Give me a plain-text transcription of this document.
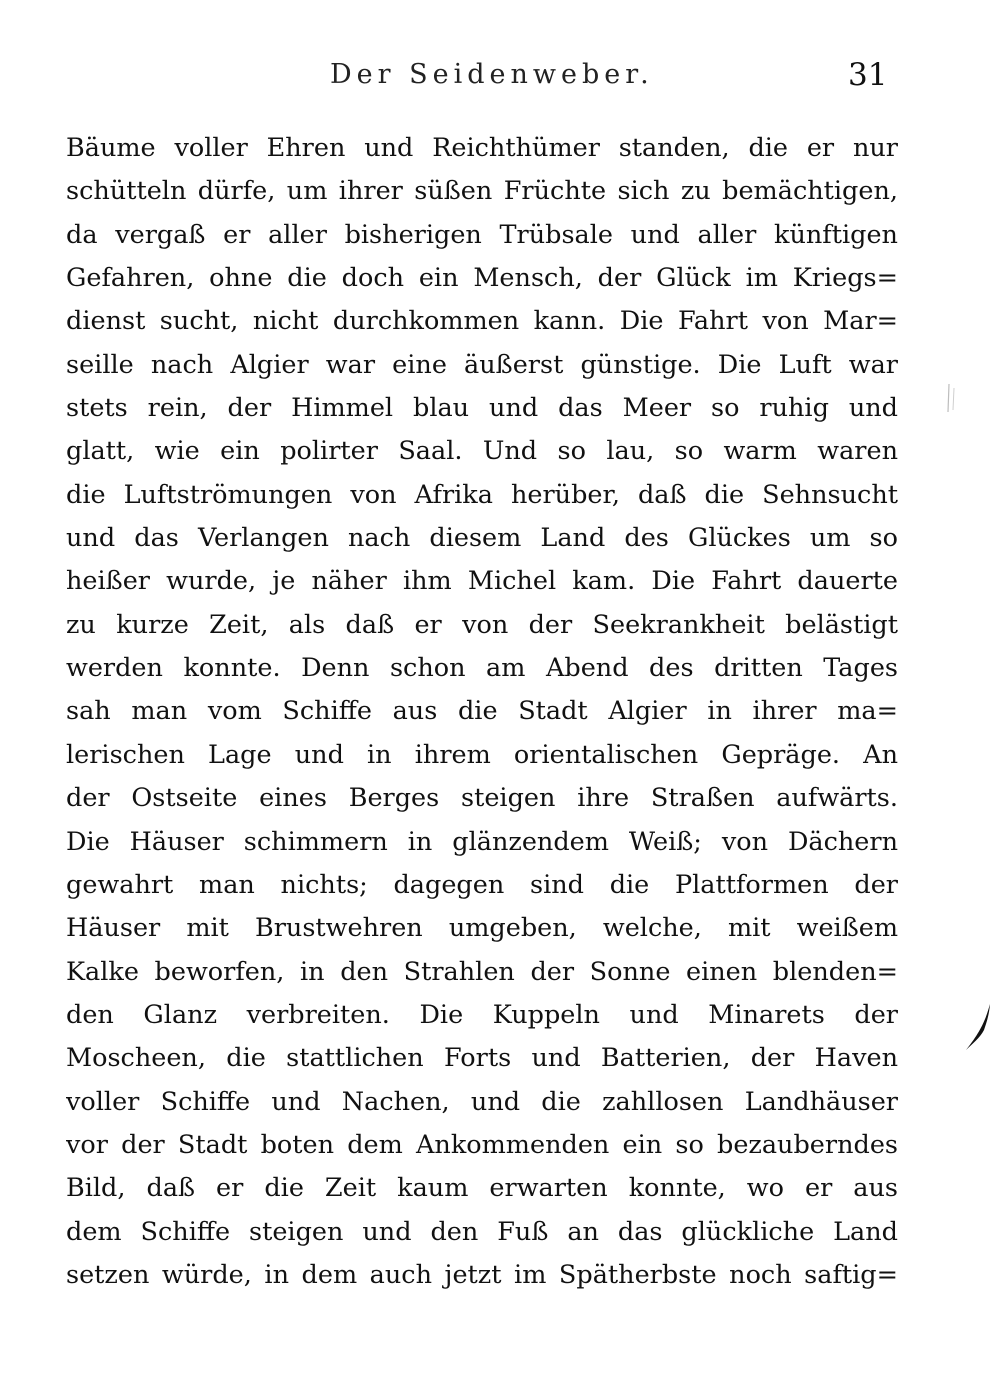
Der Seidenweber.	31
Bäume voller Ehren und Reichthümer standen, die er nur
schütteln dürfe, um ihrer süßen Früchte sich zu bemächtigen,
da vergaß er aller bisherigen Trübsale und aller künftigen
Gefahren, ohne die doch ein Mensch, der Glück im Kriegs=
dienst sucht, nicht durchkommen kann. Die Fahrt von Mar=
seille nach Algier war eine äußerst günstige. Die Luft war
stets rein, der Himmel blau und das Meer so ruhig und
glatt, wie ein polirter Saal. Und so lau, so warm waren
die Luftströmungen von Afrika herüber, daß die Sehnsucht
und das Verlangen nach diesem Land des Glückes um so
heißer wurde, je näher ihm Michel kam. Die Fahrt dauerte
zu kurze Zeit, als daß er von der Seekrankheit belästigt
werden konnte. Denn schon am Abend des dritten Tages
sah man vom Schiffe aus die Stadt Algier in ihrer ma=
lerischen Lage und in ihrem orientalischen Gepräge. An
der Ostseite eines Berges steigen ihre Straßen aufwärts.
Die Häuser schimmern in glänzendem Weiß; von Dächern
gewahrt man nichts; dagegen sind die Plattformen der
Häuser mit Brustwehren umgeben, welche, mit weißem
Kalke beworfen, in den Strahlen der Sonne einen blenden=
den Glanz verbreiten. Die Kuppeln und Minarets der
Moscheen, die stattlichen Forts und Batterien, der Haven
voller Schiffe und Nachen, und die zahllosen Landhäuser
vor der Stadt boten dem Ankommenden ein so bezauberndes
Bild, daß er die Zeit kaum erwarten konnte, wo er aus
dem Schiffe steigen und den Fuß an das glückliche Land
setzen würde, in dem auch jetzt im Spätherbste noch saftig=
